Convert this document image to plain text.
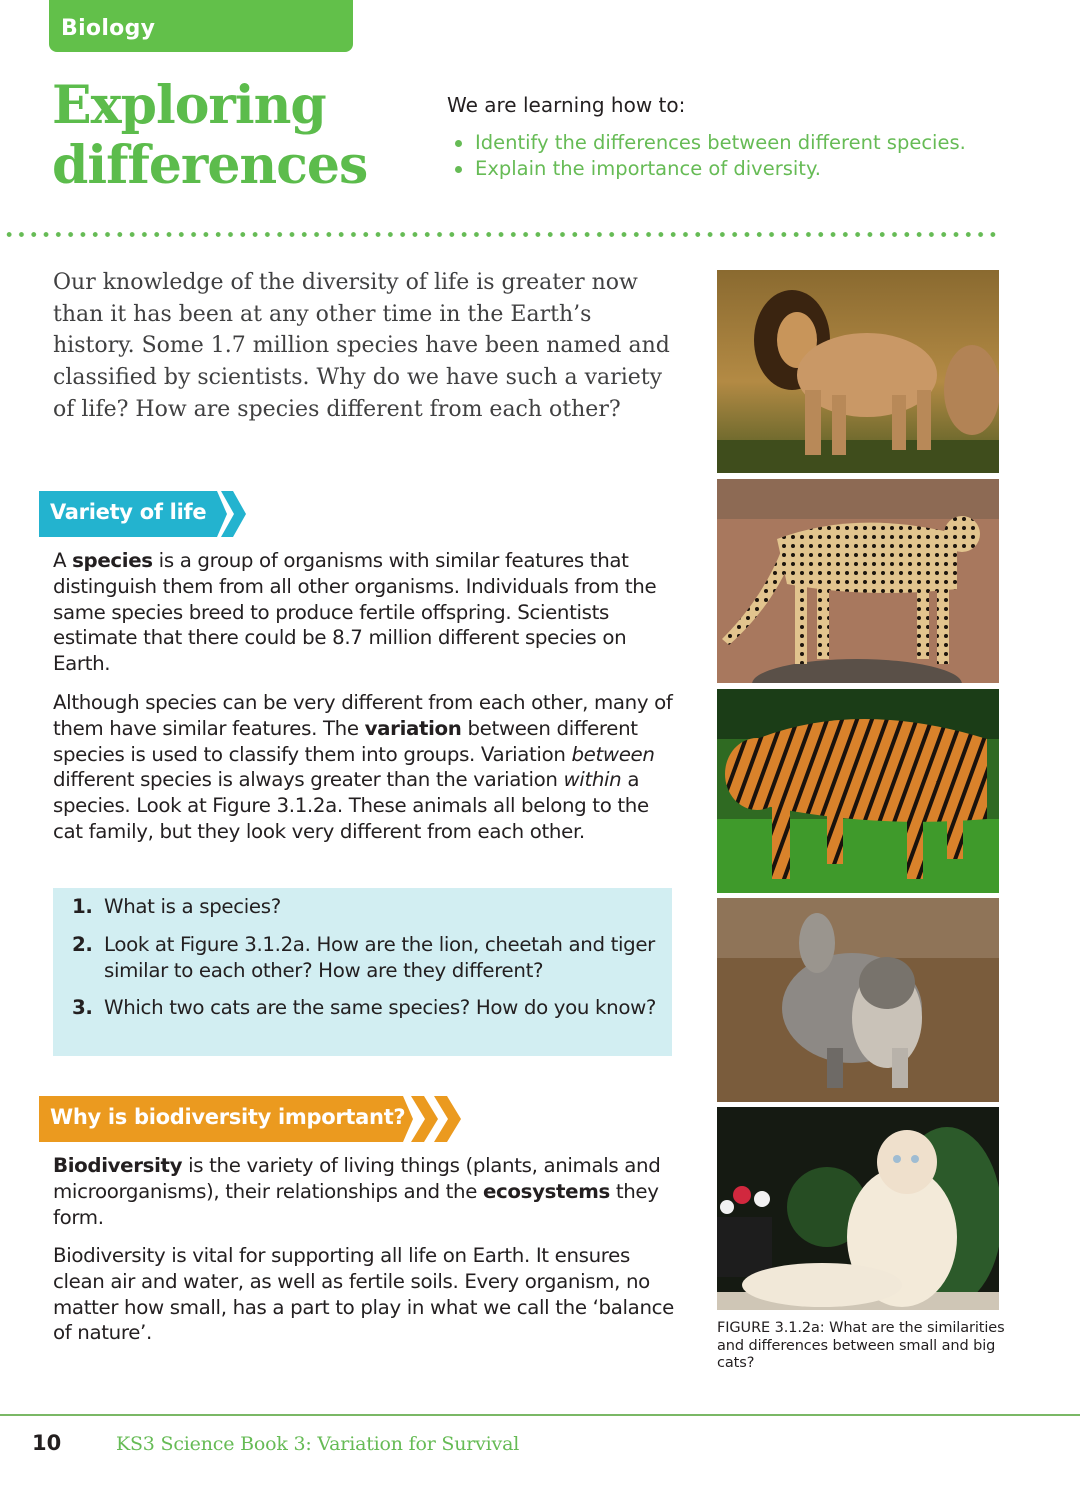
Biology
Exploring
differences
We are learning how to:
Identify the differences between different species.
Explain the importance of diversity.

Our knowledge of the diversity of life is greater now than it has been at any other time in the Earth’s history. Some 1.7 million species have been named and classified by scientists. Why do we have such a variety of life? How are species different from each other?

Variety of life

A species is a group of organisms with similar features that distinguish them from all other organisms. Individuals from the same species breed to produce fertile offspring. Scientists estimate that there could be 8.7 million different species on Earth.

Although species can be very different from each other, many of them have similar features. The variation between different species is used to classify them into groups. Variation between different species is always greater than the variation within a species. Look at Figure 3.1.2a. These animals all belong to the cat family, but they look very different from each other.

1. What is a species?
2. Look at Figure 3.1.2a. How are the lion, cheetah and tiger similar to each other? How are they different?
3. Which two cats are the same species? How do you know?
Why is biodiversity important?

Biodiversity is the variety of living things (plants, animals and microorganisms), their relationships and the ecosystems they form.

Biodiversity is vital for supporting all life on Earth. It ensures clean air and water, as well as fertile soils. Every organism, no matter how small, has a part to play in what we call the ‘balance of nature’.	FIGURE 3.1.2a: What are the similarities and differences between small and big cats?

10	KS3 Science Book 3: Variation for Survival
